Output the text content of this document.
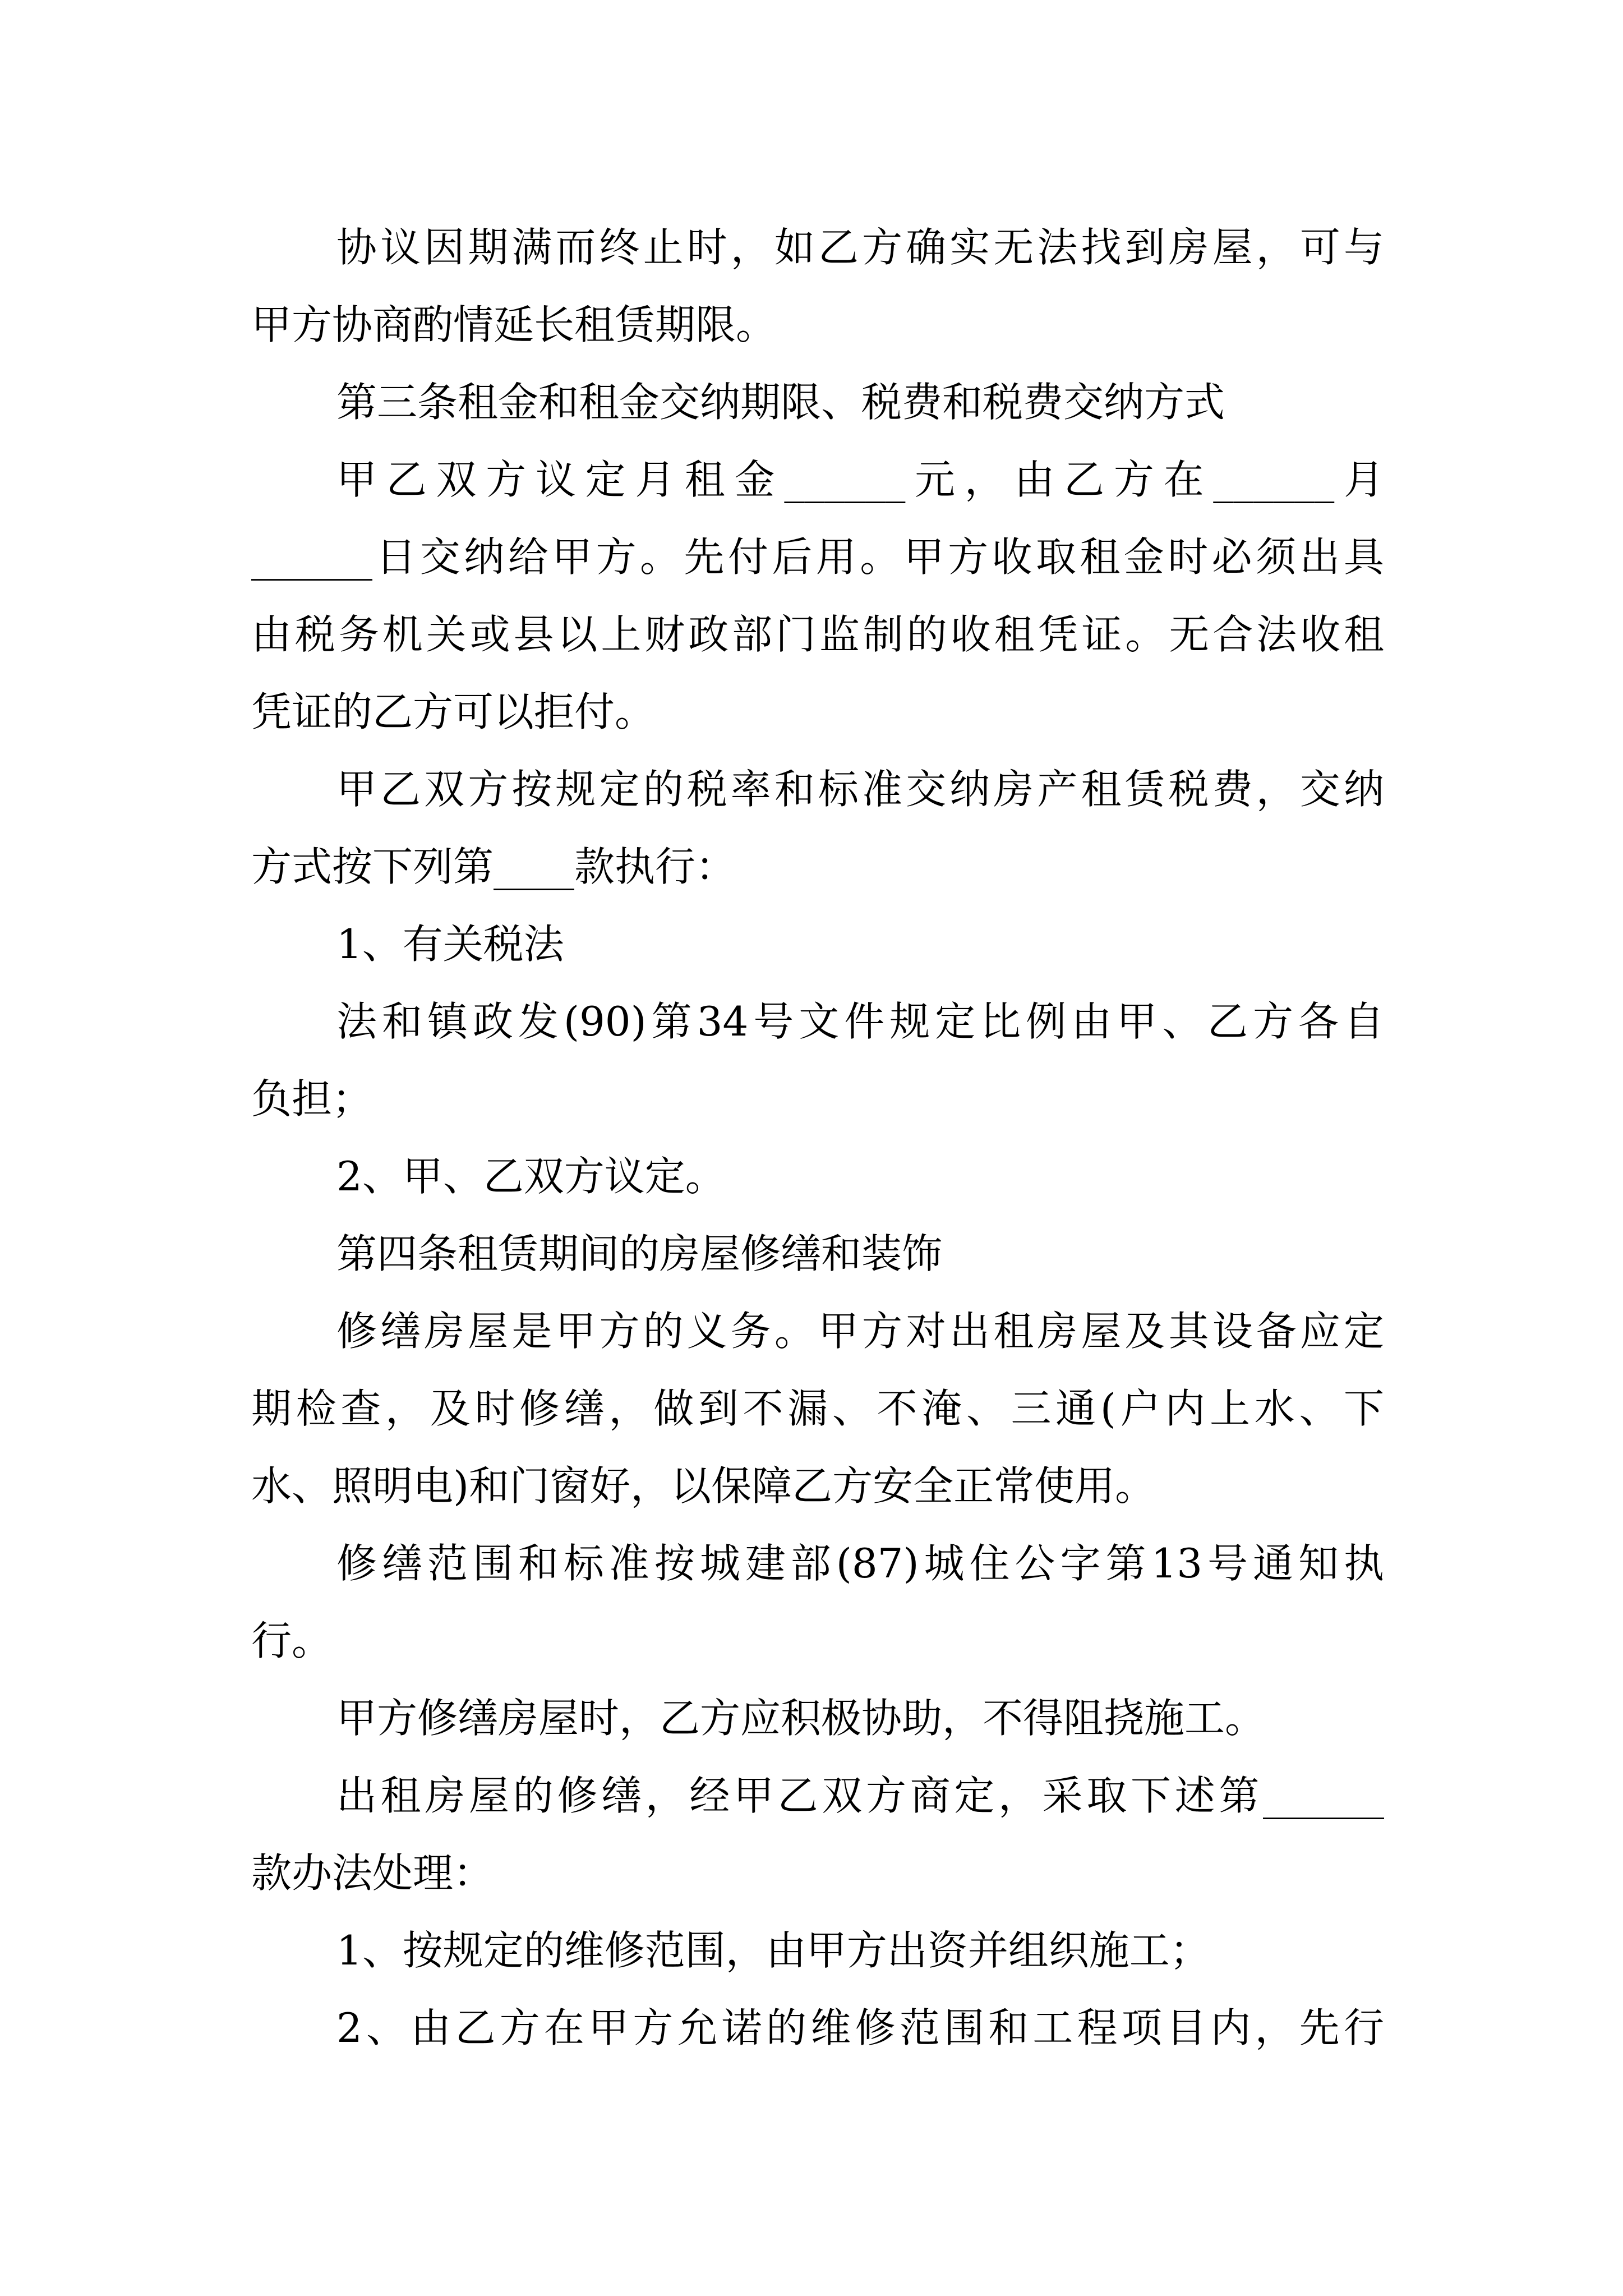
协议因期满而终止时，如乙方确实无法找到房屋，可与
甲方协商酌情延长租赁期限。
第三条租金和租金交纳期限、税费和税费交纳方式
甲乙双方议定月租金______元，由乙方在______月
______日交纳给甲方。先付后用。甲方收取租金时必须出具
由税务机关或县以上财政部门监制的收租凭证。无合法收租
凭证的乙方可以拒付。
甲乙双方按规定的税率和标准交纳房产租赁税费，交纳
方式按下列第____款执行：
1、有关税法
法和镇政发(90)第34号文件规定比例由甲、乙方各自
负担；
2、甲、乙双方议定。
第四条租赁期间的房屋修缮和装饰
修缮房屋是甲方的义务。甲方对出租房屋及其设备应定
期检查，及时修缮，做到不漏、不淹、三通(户内上水、下
水、照明电)和门窗好，以保障乙方安全正常使用。
修缮范围和标准按城建部(87)城住公字第13号通知执
行。
甲方修缮房屋时，乙方应积极协助，不得阻挠施工。
出租房屋的修缮，经甲乙双方商定，采取下述第______
款办法处理：
1、按规定的维修范围，由甲方出资并组织施工；
2、由乙方在甲方允诺的维修范围和工程项目内，先行
